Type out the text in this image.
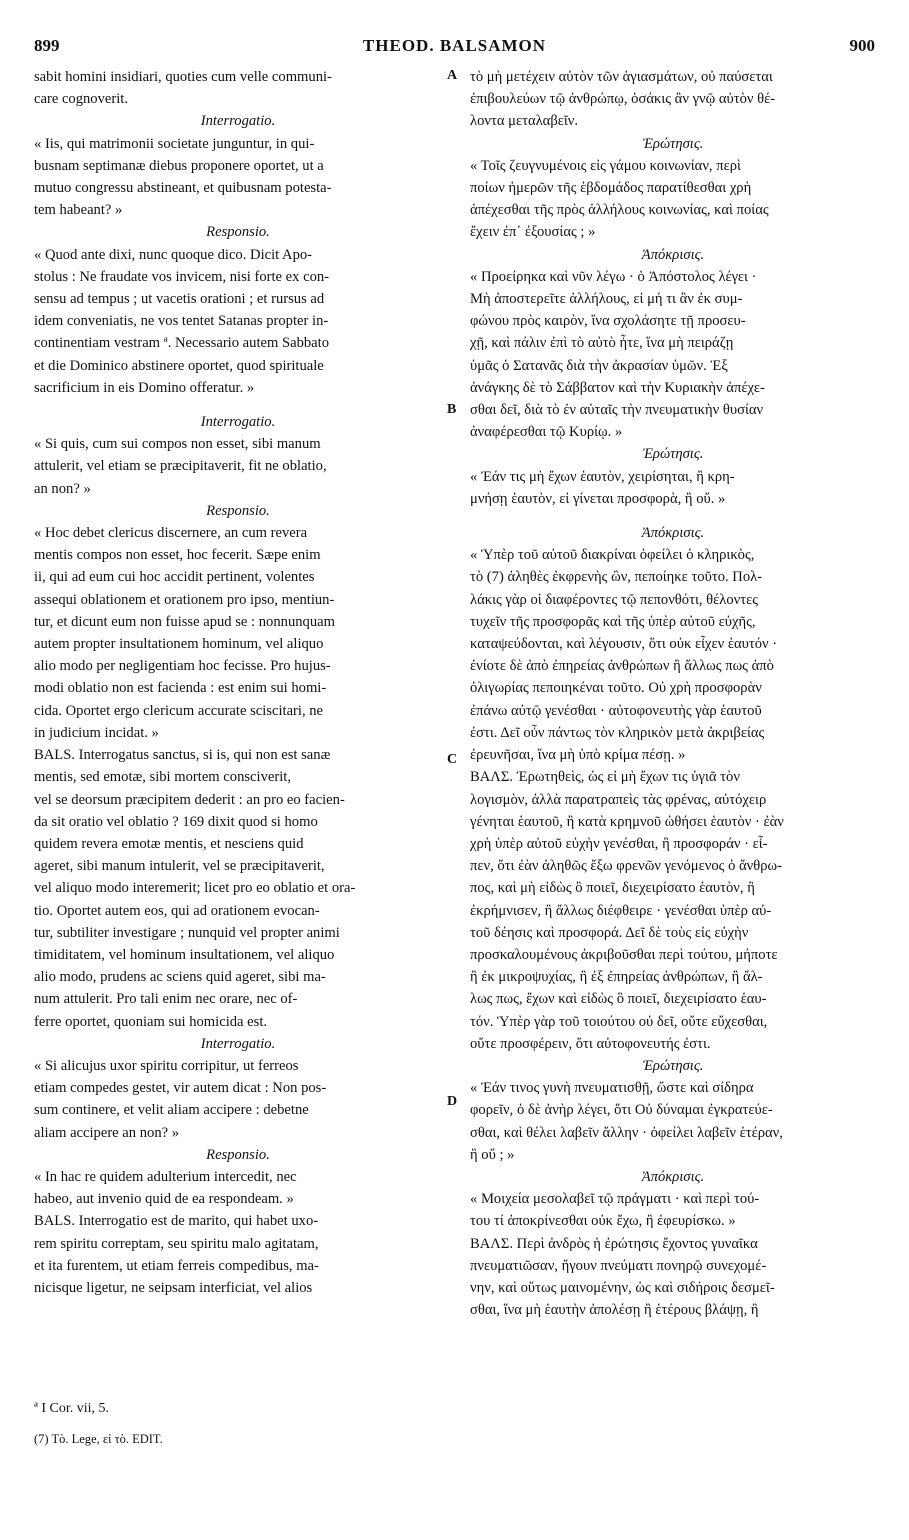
899	THEOD. BALSAMON	900
sabit homini insidiari, quoties cum velle communi-
care cognoverit.
Interrogatio.
« Iis, qui matrimonii societate junguntur, in qui-
busnam septimanæ diebus proponere oportet, ut a
mutuo congressu abstineant, et quibusnam potesta-
tem habeant? »
Responsio.
« Quod ante dixi, nunc quoque dico. Dicit Apo-
stolus : Ne fraudate vos invicem, nisi forte ex con-
sensu ad tempus ; ut vacetis orationi ; et rursus ad
idem conveniatis, ne vos tentet Satanas propter in-
continentiam vestram ª. Necessario autem Sabbato
et die Dominico abstinere oportet, quod spirituale
sacrificium in eis Domino offeratur. »
Interrogatio.
« Si quis, cum sui compos non esset, sibi manum
attulerit, vel etiam se præcipitaverit, fit ne oblatio,
an non? »
Responsio.
« Hoc debet clericus discernere, an cum revera
mentis compos non esset, hoc fecerit. Sæpe enim
ii, qui ad eum cui hoc accidit pertinent, volentes
assequi oblationem et orationem pro ipso, mentiun-
tur, et dicunt eum non fuisse apud se : nonnunquam
autem propter insultationem hominum, vel aliquo
alio modo per negligentiam hoc fecisse. Pro hujus-
modi oblatio non est facienda : est enim sui homi-
cida. Oportet ergo clericum accurate sciscitari, ne
in judicium incidat. »
BALS. Interrogatus sanctus, si is, qui non est sanæ
mentis, sed emotæ, sibi mortem consciverit,
vel se deorsum præcipitem dederit : an pro eo facien-
da sit oratio vel oblatio ? 169 dixit quod si homo
quidem revera emotæ mentis, et nesciens quid
ageret, sibi manum intulerit, vel se præcipitaverit,
vel aliquo modo interemerit; licet pro eo oblatio et ora-
tio. Oportet autem eos, qui ad orationem evocan-
tur, subtiliter investigare ; nunquid vel propter animi
timiditatem, vel hominum insultationem, vel aliquo
alio modo, prudens ac sciens quid ageret, sibi ma-
num attulerit. Pro tali enim nec orare, nec of-
ferre oportet, quoniam sui homicida est.
Interrogatio.
« Si alicujus uxor spiritu corripitur, ut ferreos
etiam compedes gestet, vir autem dicat : Non pos-
sum continere, et velit aliam accipere : debetne
aliam accipere an non? »
Responsio.
« In hac re quidem adulterium intercedit, nec
habeo, aut invenio quid de ea respondeam. »
BALS. Interrogatio est de marito, qui habet uxo-
rem spiritu correptam, seu spiritu malo agitatam,
et ita furentem, ut etiam ferreis compedibus, ma-
nicisque ligetur, ne seipsam interficiat, vel alios
τὸ μὴ μετέχειν αὐτὸν τῶν ἁγιασμάτων, οὐ παύσεται
ἐπιβουλεύων τῷ ἀνθρώπῳ, ὁσάκις ἂν γνῷ αὐτὸν θέ-
λοντα μεταλαβεῖν.
Ἐρώτησις.
« Τοῖς ζευγνυμένοις εἰς γάμου κοινωνίαν, περὶ
ποίων ἡμερῶν τῆς ἑβδομάδος παρατίθεσθαι χρὴ
ἀπέχεσθαι τῆς πρὸς ἀλλήλους κοινωνίας, καὶ ποίας
ἔχειν ἐπ᾽ ἐξουσίας ; »
Ἀπόκρισις.
« Προείρηκα καὶ νῦν λέγω · ὁ Ἀπόστολος λέγει ·
Μὴ ἀποστερεῖτε ἀλλήλους, εἰ μή τι ἂν ἐκ συμ-
φώνου πρὸς καιρὸν, ἵνα σχολάσητε τῇ προσευ-
χῇ, καὶ πάλιν ἐπὶ τὸ αὐτὸ ἦτε, ἵνα μὴ πειράζῃ
ὑμᾶς ὁ Σατανᾶς διὰ τὴν ἀκρασίαν ὑμῶν. Ἐξ
ἀνάγκης δὲ τὸ Σάββατον καὶ τὴν Κυριακὴν ἀπέχε-
σθαι δεῖ, διὰ τὸ ἐν αὐταῖς τὴν πνευματικὴν θυσίαν
ἀναφέρεσθαι τῷ Κυρίῳ. »
Ἐρώτησις.
« Ἐάν τις μὴ ἔχων ἑαυτὸν, χειρίσηται, ἢ κρη-
μνήσῃ ἑαυτὸν, εἰ γίνεται προσφορὰ, ἢ οὔ. »
Ἀπόκρισις.
« Ὑπὲρ τοῦ αὐτοῦ διακρίναι ὀφείλει ὁ κληρικὸς,
τὸ (7) ἀληθὲς ἐκφρενὴς ὢν, πεποίηκε τοῦτο. Πολ-
λάκις γὰρ οἱ διαφέροντες τῷ πεπονθότι, θέλοντες
τυχεῖν τῆς προσφορᾶς καὶ τῆς ὑπὲρ αὐτοῦ εὐχῆς,
καταψεύδονται, καὶ λέγουσιν, ὅτι οὐκ εἶχεν ἑαυτόν ·
ἐνίοτε δὲ ἀπὸ ἐπηρείας ἀνθρώπων ἢ ἄλλως πως ἀπὸ
ὀλιγωρίας πεποιηκέναι τοῦτο. Οὐ χρὴ προσφορὰν
ἐπάνω αὐτῷ γενέσθαι · αὐτοφονευτὴς γὰρ ἑαυτοῦ
ἐστι. Δεῖ οὖν πάντως τὸν κληρικὸν μετὰ ἀκριβείας
ἐρευνῆσαι, ἵνα μὴ ὑπὸ κρίμα πέσῃ. »
ΒΑΛΣ. Ἐρωτηθεὶς, ὡς εἰ μὴ ἔχων τις ὑγιᾶ τὸν
λογισμὸν, ἀλλὰ παρατραπεὶς τὰς φρένας, αὐτόχειρ
γένηται ἑαυτοῦ, ἢ κατὰ κρημνοῦ ὠθήσει ἑαυτὸν · ἐὰν
χρὴ ὑπὲρ αὐτοῦ εὐχὴν γενέσθαι, ἢ προσφοράν · εἶ-
πεν, ὅτι ἐὰν ἀληθῶς ἔξω φρενῶν γενόμενος ὁ ἄνθρω-
πος, καὶ μὴ εἰδὼς ὃ ποιεῖ, διεχειρίσατο ἑαυτὸν, ἢ
ἐκρήμνισεν, ἢ ἄλλως διέφθειρε · γενέσθαι ὑπὲρ αὐ-
τοῦ δέησις καὶ προσφορά. Δεῖ δὲ τοὺς εἰς εὐχὴν
προσκαλουμένους ἀκριβοῦσθαι περὶ τούτου, μήποτε
ἢ ἐκ μικροψυχίας, ἢ ἐξ ἐπηρείας ἀνθρώπων, ἢ ἄλ-
λως πως, ἔχων καὶ εἰδὼς ὃ ποιεῖ, διεχειρίσατο ἑαυ-
τόν. Ὑπὲρ γὰρ τοῦ τοιούτου οὐ δεῖ, οὔτε εὔχεσθαι,
οὔτε προσφέρειν, ὅτι αὐτοφονευτής ἐστι.
Ἐρώτησις.
« Ἐάν τινος γυνὴ πνευματισθῇ, ὥστε καὶ σίδηρα
φορεῖν, ὁ δὲ ἀνὴρ λέγει, ὅτι Οὐ δύναμαι ἐγκρατεύε-
σθαι, καὶ θέλει λαβεῖν ἄλλην · ὀφείλει λαβεῖν ἑτέραν,
ἢ οὔ ; »
Ἀπόκρισις.
« Μοιχεία μεσολαβεῖ τῷ πράγματι · καὶ περὶ τού-
του τί ἀποκρίνεσθαι οὐκ ἔχω, ἢ ἐφευρίσκω. »
ΒΑΛΣ. Περὶ ἀνδρὸς ἡ ἐρώτησις ἔχοντος γυναῖκα
πνευματιῶσαν, ἤγουν πνεύματι πονηρῷ συνεχομέ-
νην, καὶ οὕτως μαινομένην, ὡς καὶ σιδήροις δεσμεῖ-
σθαι, ἵνα μὴ ἑαυτὴν ἀπολέσῃ ἢ ἑτέρους βλάψῃ, ἢ
A
B
C
D
ª I Cor. vii, 5.
(7) Τὸ. Lege, εἰ τὸ. EDIT.
